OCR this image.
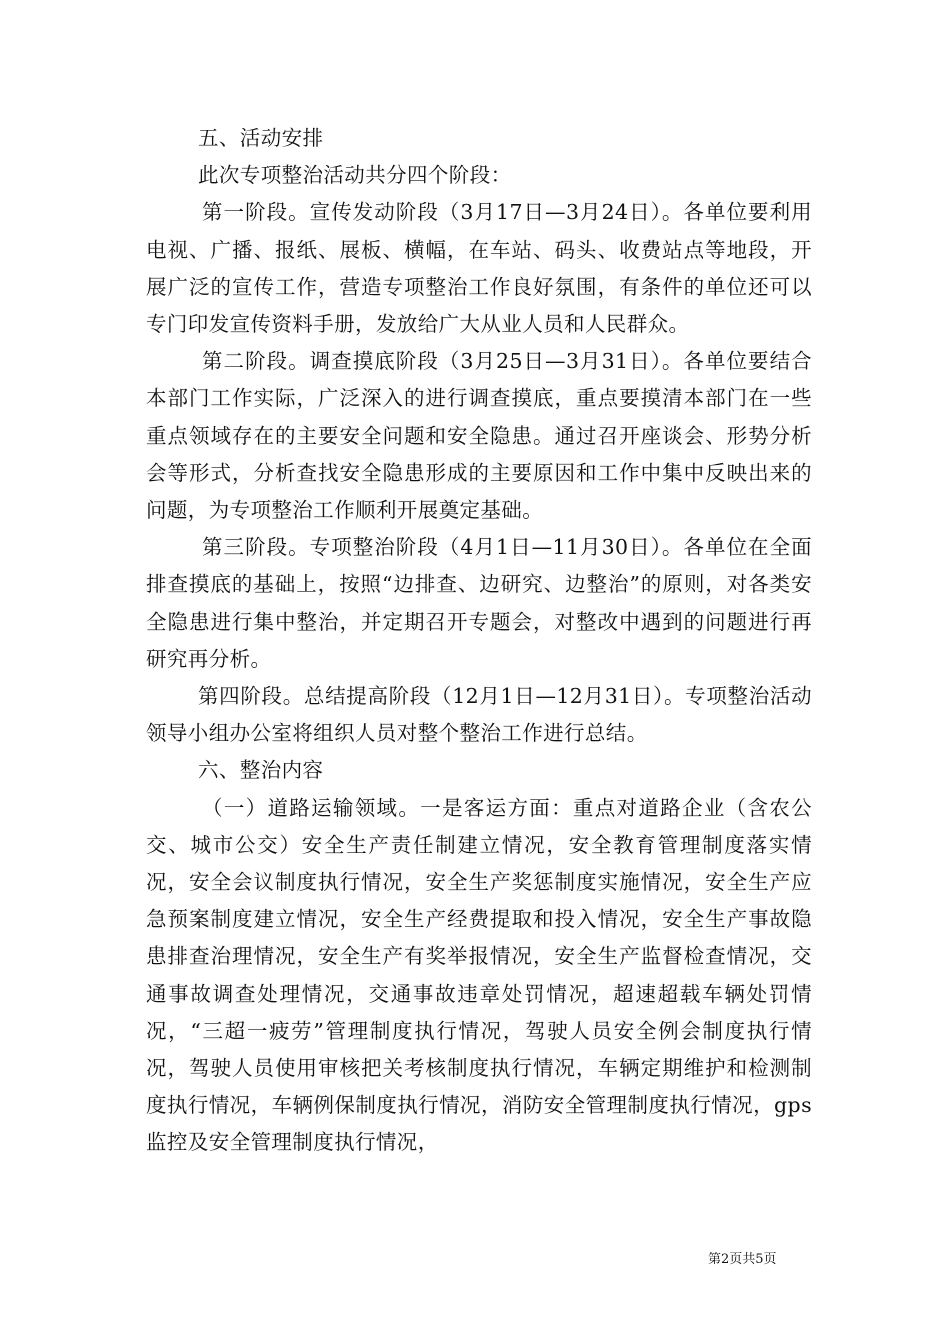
五、活动安排

此次专项整治活动共分四个阶段：

第一阶段。宣传发动阶段（3月17日—3月24日）。各单位要利用电视、广播、报纸、展板、横幅，在车站、码头、收费站点等地段，开展广泛的宣传工作，营造专项整治工作良好氛围，有条件的单位还可以专门印发宣传资料手册，发放给广大从业人员和人民群众。

第二阶段。调查摸底阶段（3月25日—3月31日）。各单位要结合本部门工作实际，广泛深入的进行调查摸底，重点要摸清本部门在一些重点领域存在的主要安全问题和安全隐患。通过召开座谈会、形势分析会等形式，分析查找安全隐患形成的主要原因和工作中集中反映出来的问题，为专项整治工作顺利开展奠定基础。

第三阶段。专项整治阶段（4月1日—11月30日）。各单位在全面排查摸底的基础上，按照“边排查、边研究、边整治”的原则，对各类安全隐患进行集中整治，并定期召开专题会，对整改中遇到的问题进行再研究再分析。

第四阶段。总结提高阶段（12月1日—12月31日）。专项整治活动领导小组办公室将组织人员对整个整治工作进行总结。

六、整治内容

（一）道路运输领域。一是客运方面：重点对道路企业（含农公交、城市公交）安全生产责任制建立情况，安全教育管理制度落实情况，安全会议制度执行情况，安全生产奖惩制度实施情况，安全生产应急预案制度建立情况，安全生产经费提取和投入情况，安全生产事故隐患排查治理情况，安全生产有奖举报情况，安全生产监督检查情况，交通事故调查处理情况，交通事故违章处罚情况，超速超载车辆处罚情况，“三超一疲劳”管理制度执行情况，驾驶人员安全例会制度执行情况，驾驶人员使用审核把关考核制度执行情况，车辆定期维护和检测制度执行情况，车辆例保制度执行情况，消防安全管理制度执行情况，gps监控及安全管理制度执行情况，

第2页共5页
